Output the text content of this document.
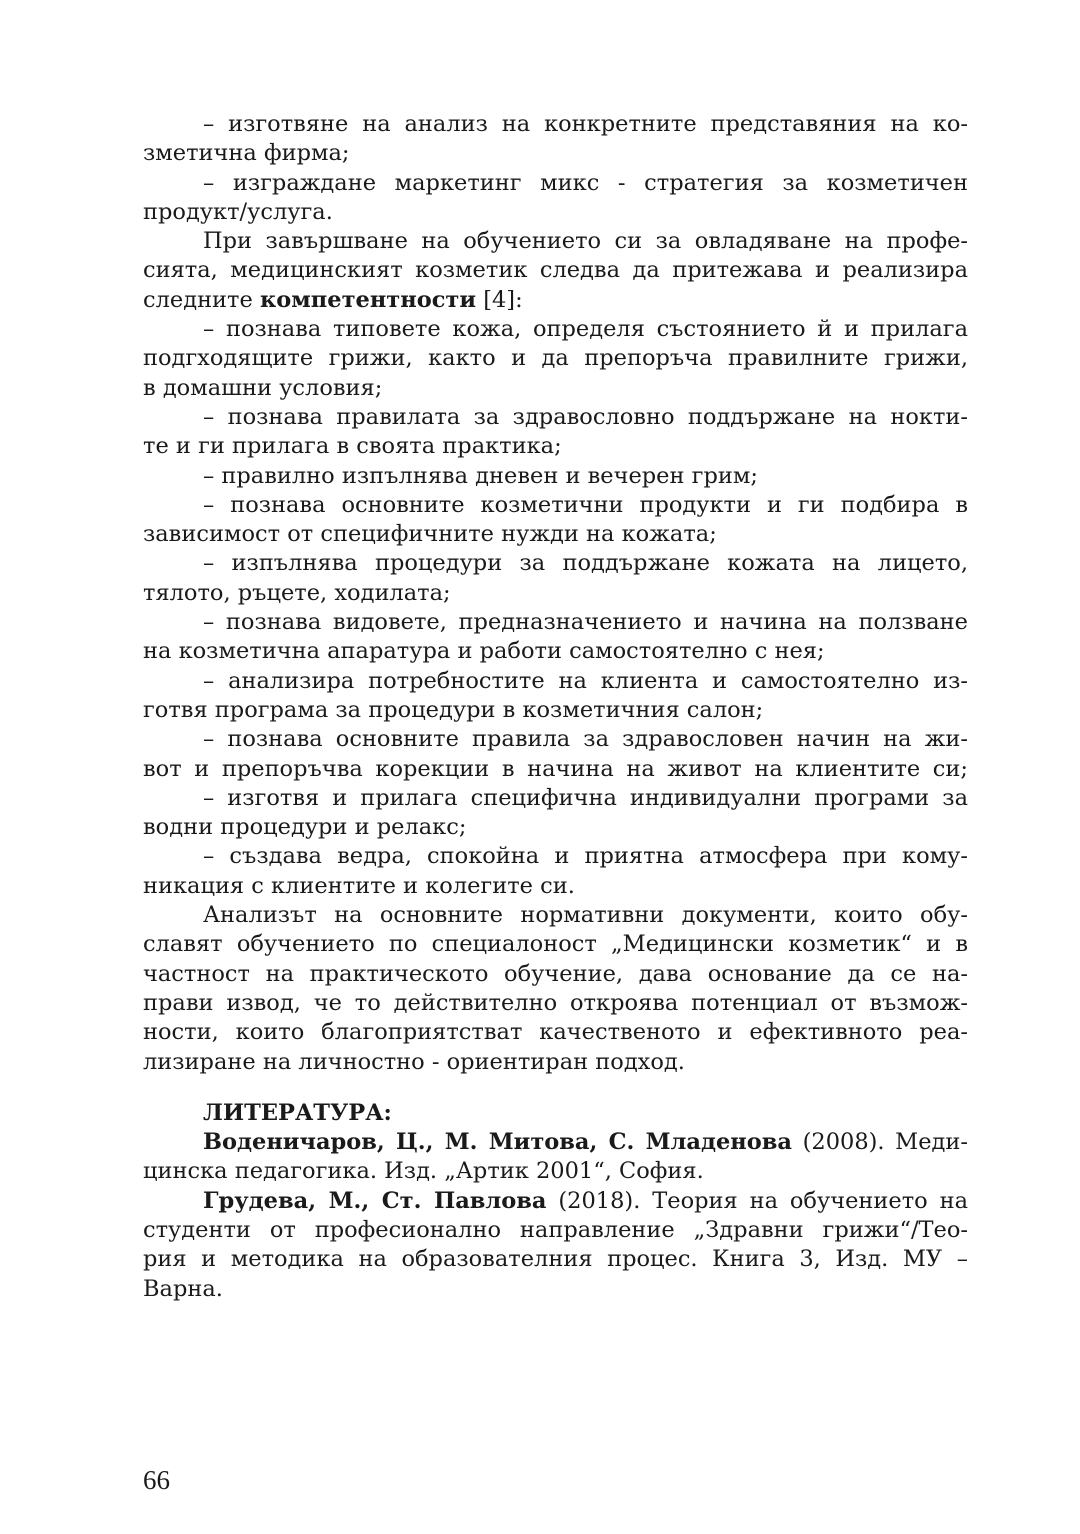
– изготвяне на анализ на конкретните представяния на ко-
зметична фирма;
– изграждане маркетинг микс - стратегия за козметичен
продукт/услуга.
При завършване на обучението си за овладяване на профе-
сията, медицинският козметик следва да притежава и реализира
следните компетентности [4]:
– познава типовете кожа, определя състоянието й и прилага
подгходящите грижи, както и да препоръча правилните грижи,
в домашни условия;
– познава правилата за здравословно поддържане на нокти-
те и ги прилага в своята практика;
– правилно изпълнява дневен и вечерен грим;
– познава основните козметични продукти и ги подбира в
зависимост от специфичните нужди на кожата;
– изпълнява процедури за поддържане кожата на лицето,
тялото, ръцете, ходилата;
– познава видовете, предназначението и начина на ползване
на козметична апаратура и работи самостоятелно с нея;
– анализира потребностите на клиента и самостоятелно из-
готвя програма за процедури в козметичния салон;
– познава основните правила за здравословен начин на жи-
вот и препоръчва корекции в начина на живот на клиентите си;
– изготвя и прилага специфична индивидуални програми за
водни процедури и релакс;
– създава ведра, спокойна и приятна атмосфера при кому-
никация с клиентите и колегите си.
Анализът на основните нормативни документи, които обу-
славят обучението по специалоност „Медицински козметик“ и в
частност на практическото обучение, дава основание да се на-
прави извод, че то действително откроява потенциал от възмож-
ности, които благоприятстват качественото и ефективното реа-
лизиране на личностно - ориентиран подход.
ЛИТЕРАТУРА:
Воденичаров, Ц., М. Митова, С. Младенова (2008). Меди-
цинска педагогика. Изд. „Артик 2001“, София.
Грудева, М., Ст. Павлова (2018). Теория на обучението на
студенти от професионално направление „Здравни грижи“/Тео-
рия и методика на образователния процес. Книга 3, Изд. МУ –
Варна.
66
